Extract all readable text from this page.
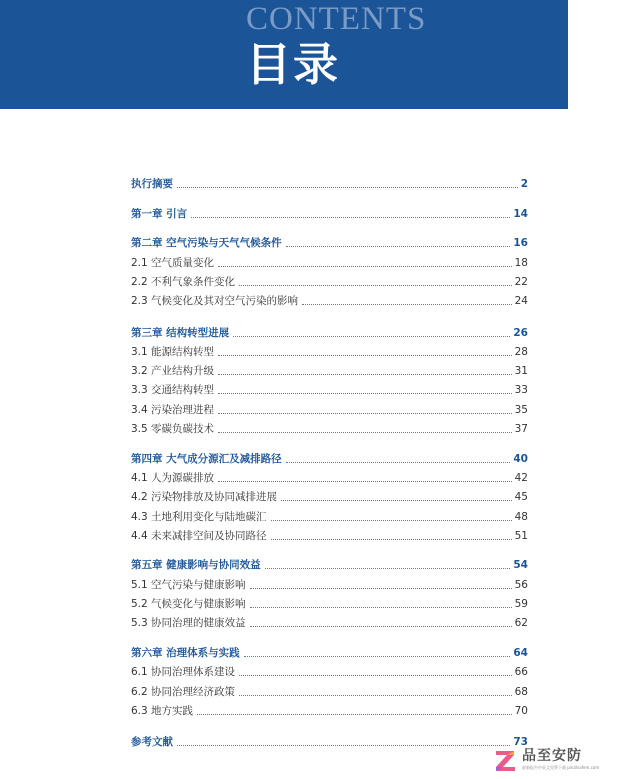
CONTENTS
目录
执行摘要	2
第一章 引言	14
第二章 空气污染与天气气候条件	16
2.1 空气质量变化	18
2.2 不利气象条件变化	22
2.3 气候变化及其对空气污染的影响	24
第三章 结构转型进展	26
3.1 能源结构转型	28
3.2 产业结构升级	31
3.3 交通结构转型	33
3.4 污染治理进程	35
3.5 零碳负碳技术	37
第四章 大气成分源汇及减排路径	40
4.1 人为源碳排放	42
4.2 污染物排放及协同减排进展	45
4.3 土地利用变化与陆地碳汇	48
4.4 未来减排空间及协同路径	51
第五章 健康影响与协同效益	54
5.1 空气污染与健康影响	56
5.2 气候变化与健康影响	59
5.3 协同治理的健康效益	62
第六章 治理体系与实践	64
6.1 协同治理体系建设	66
6.2 协同治理经济政策	68
6.3 地方实践	70
参考文献	73
品至安防
最新报告中英文免费下载 pinzhiafem.com
